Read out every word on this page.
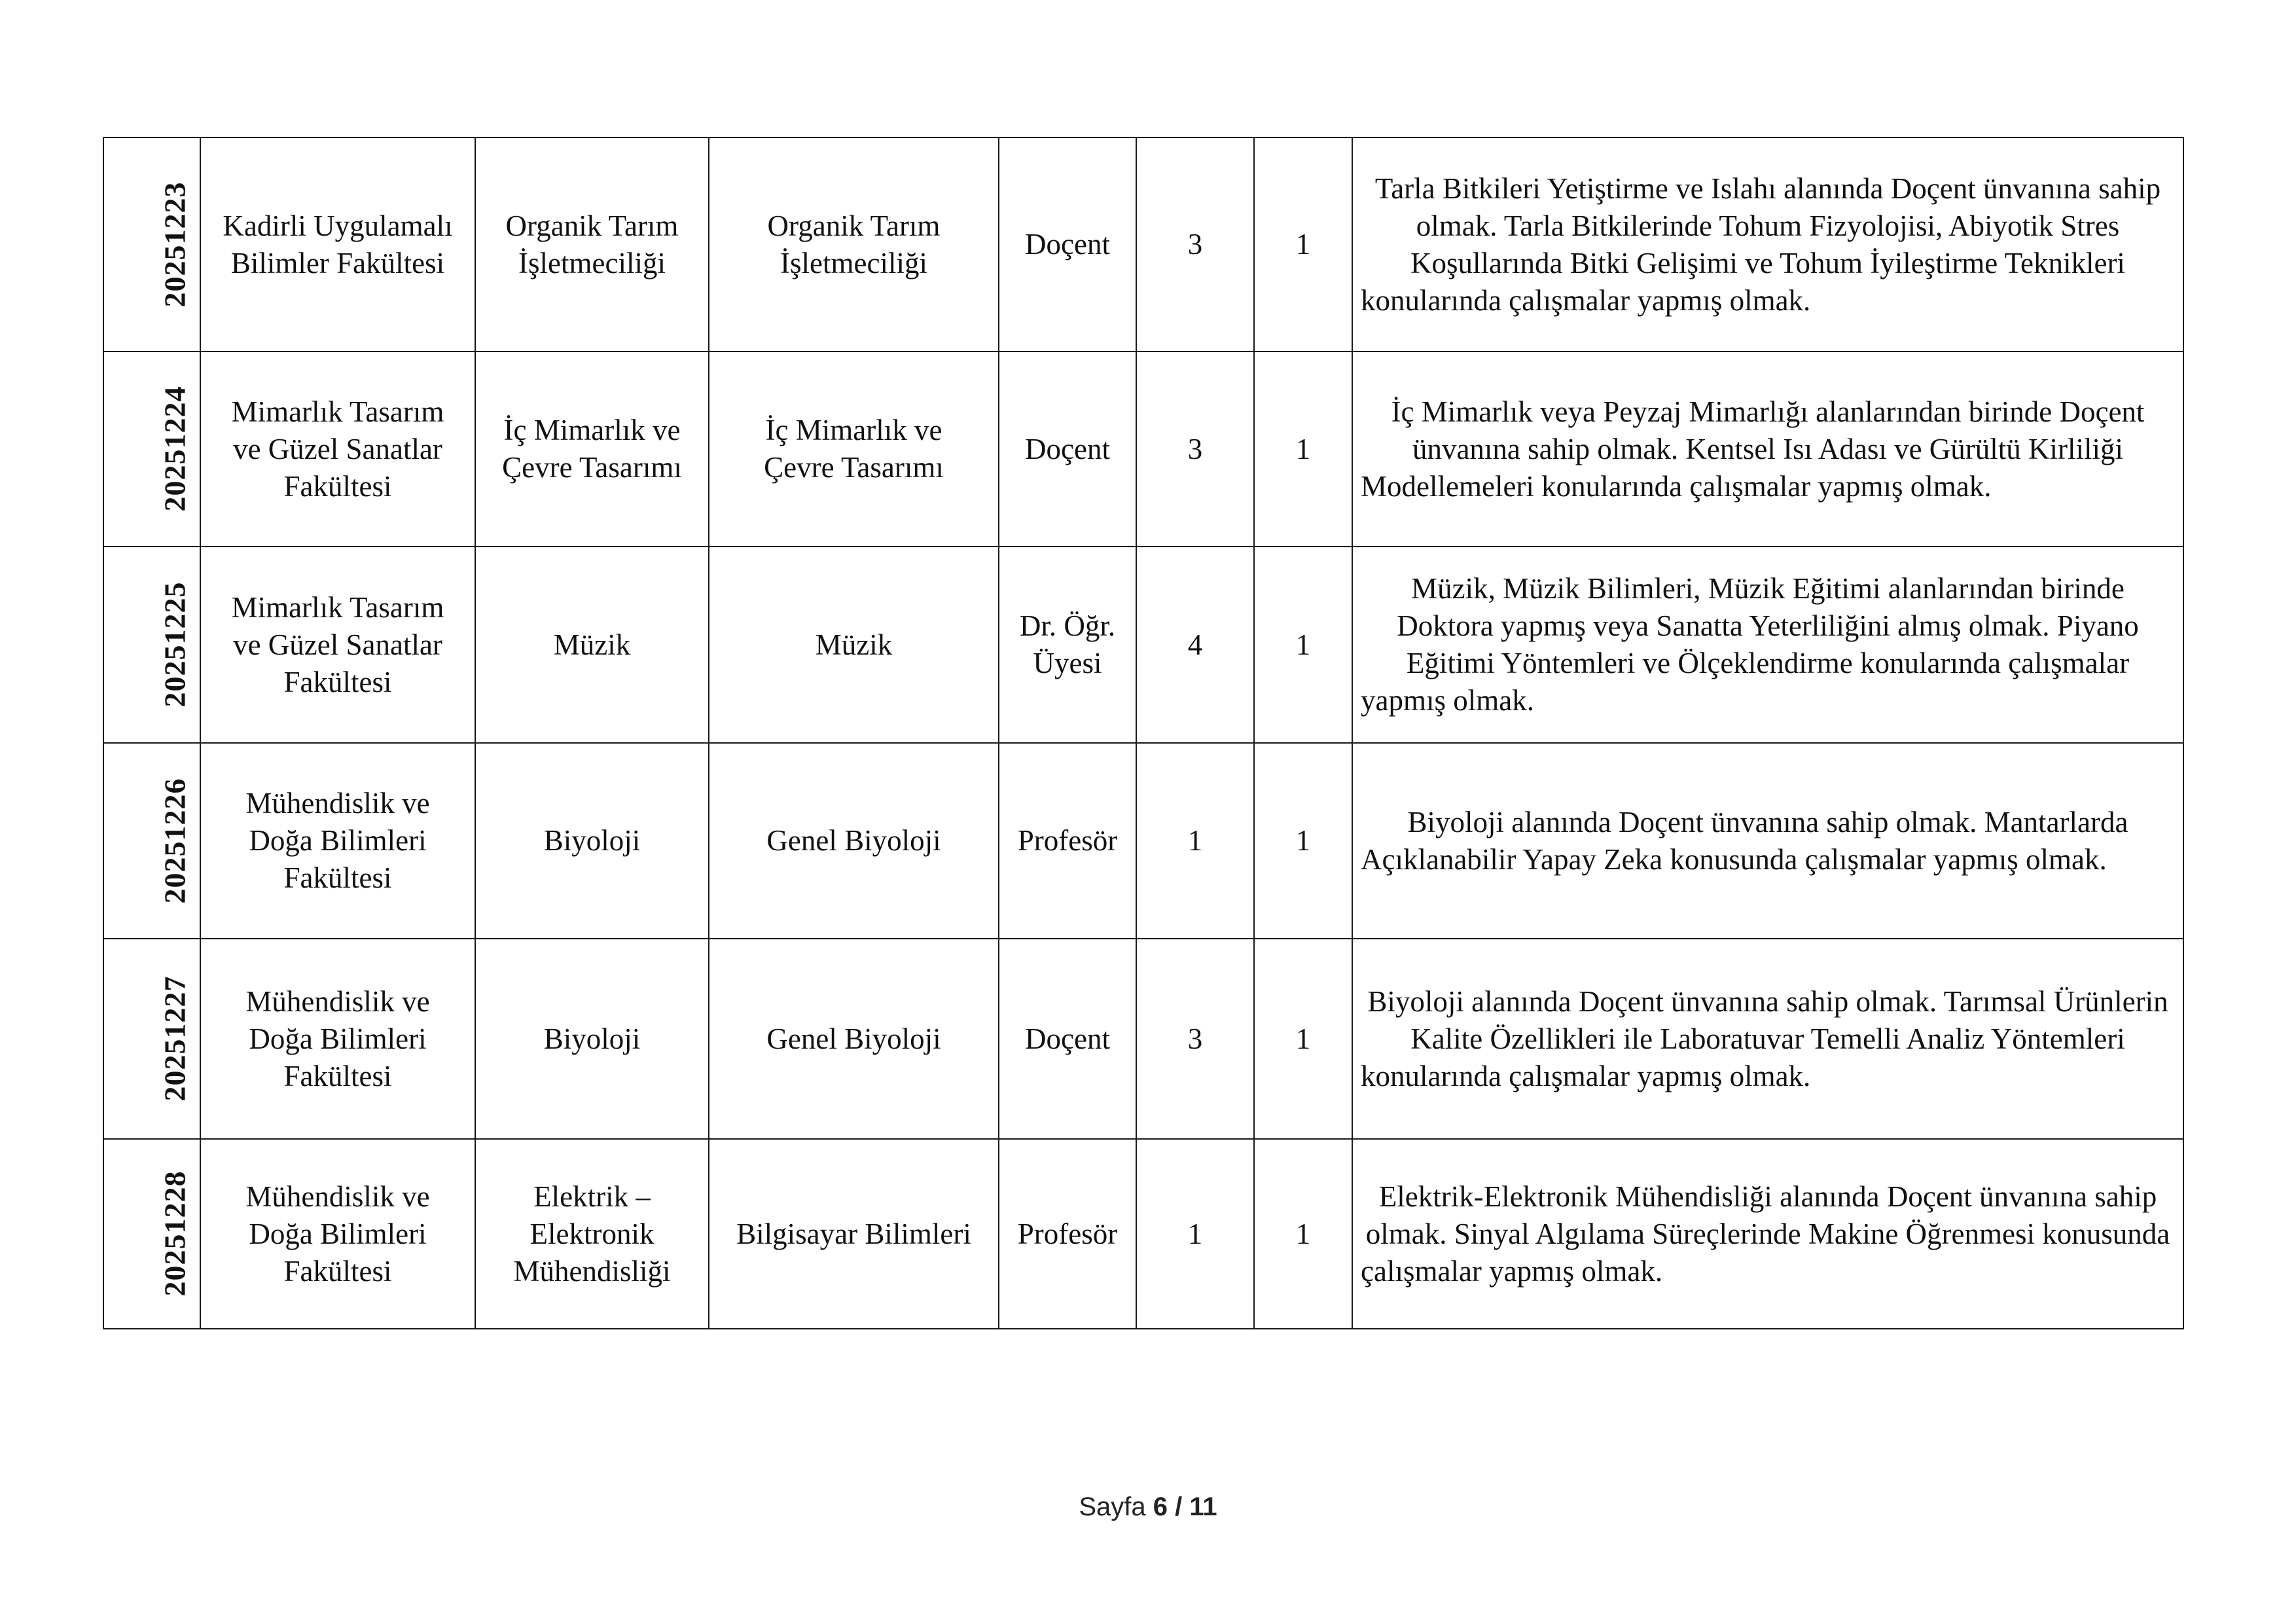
20251223	Kadirli Uygulamalı Bilimler Fakültesi	Organik Tarım İşletmeciliği	Organik Tarım İşletmeciliği	Doçent	3	1	Tarla Bitkileri Yetiştirme ve Islahı alanında Doçent ünvanına sahip olmak. Tarla Bitkilerinde Tohum Fizyolojisi, Abiyotik Stres Koşullarında Bitki Gelişimi ve Tohum İyileştirme Teknikleri konularında çalışmalar yapmış olmak.
20251224	Mimarlık Tasarım ve Güzel Sanatlar Fakültesi	İç Mimarlık ve Çevre Tasarımı	İç Mimarlık ve Çevre Tasarımı	Doçent	3	1	İç Mimarlık veya Peyzaj Mimarlığı alanlarından birinde Doçent ünvanına sahip olmak. Kentsel Isı Adası ve Gürültü Kirliliği Modellemeleri konularında çalışmalar yapmış olmak.
20251225	Mimarlık Tasarım ve Güzel Sanatlar Fakültesi	Müzik	Müzik	Dr. Öğr. Üyesi	4	1	Müzik, Müzik Bilimleri, Müzik Eğitimi alanlarından birinde Doktora yapmış veya Sanatta Yeterliliğini almış olmak. Piyano Eğitimi Yöntemleri ve Ölçeklendirme konularında çalışmalar yapmış olmak.
20251226	Mühendislik ve Doğa Bilimleri Fakültesi	Biyoloji	Genel Biyoloji	Profesör	1	1	Biyoloji alanında Doçent ünvanına sahip olmak. Mantarlarda Açıklanabilir Yapay Zeka konusunda çalışmalar yapmış olmak.
20251227	Mühendislik ve Doğa Bilimleri Fakültesi	Biyoloji	Genel Biyoloji	Doçent	3	1	Biyoloji alanında Doçent ünvanına sahip olmak. Tarımsal Ürünlerin Kalite Özellikleri ile Laboratuvar Temelli Analiz Yöntemleri konularında çalışmalar yapmış olmak.
20251228	Mühendislik ve Doğa Bilimleri Fakültesi	Elektrik – Elektronik Mühendisliği	Bilgisayar Bilimleri	Profesör	1	1	Elektrik-Elektronik Mühendisliği alanında Doçent ünvanına sahip olmak. Sinyal Algılama Süreçlerinde Makine Öğrenmesi konusunda çalışmalar yapmış olmak.
Sayfa 6 / 11
